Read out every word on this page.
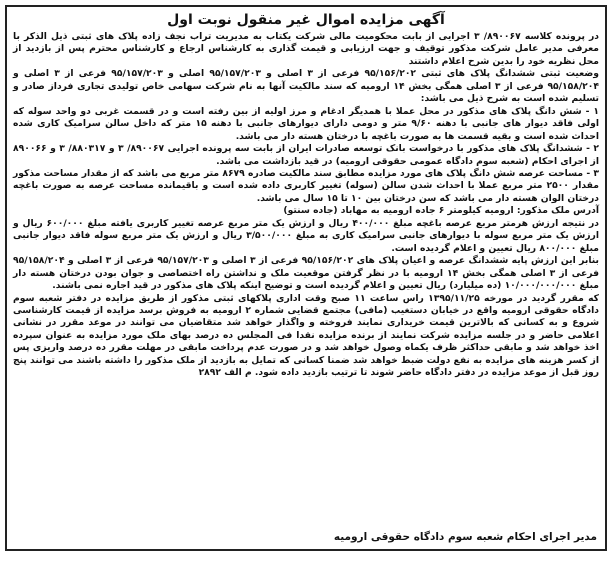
آگهی مزایده اموال غیر منقول نوبت اول

در پرونده کلاسه ۸۹۰۰۶۷/ ۳ اجرایی از بابت محکومیت مالی شرکت یکتاب به مدیریت تراب نجف زاده پلاک های ثبتی ذیل الذکر با معرفی مدیر عامل شرکت مذکور توقیف و جهت ارزیابی و قیمت گذاری به کارشناس ارجاع و کارشناس محترم پس از بازدید از محل نظریه خود را بدین شرح اعلام داشتند

وضعیت ثبتی ششدانگ پلاک های ثبتی ۹۵/۱۵۶/۲۰۲ فرعی از ۳ اصلی و ۹۵/۱۵۷/۲۰۳ اصلی و ۹۵/۱۵۷/۲۰۳ فرعی از ۳ اصلی و ۹۵/۱۵۸/۲۰۴ فرعی از ۳ اصلی همگی بخش ۱۴ ارومیه که سند مالکیت آنها به نام شرکت سهامی خاص تولیدی تجاری فرداز صادر و تسلیم شده است به شرح ذیل می باشد:

۱ - شش دانگ پلاک های مذکور در محل عملا با همدیگر ادغام و مرز اولیه از بین رفته است و در قسمت غربی دو واحد سوله که اولی فاقد دیوار های جانبی با دهنه ۹/۶۰ متر و دومی دارای دیوارهای جانبی با دهنه ۱۵ متر که داخل سالن سرامیک کاری شده احداث شده است و بقیه قسمت ها به صورت باغچه با درختان هسته دار می باشد.

۲ - ششدانگ پلاک های مذکور با درخواست بانک توسعه صادرات ایران از بابت سه پرونده اجرایی ۸۹۰۰۶۷/ ۳ و ۸۸۰۳۱۷/ ۳ و ۸۹۰۰۶۶ از اجرای احکام (شعبه سوم دادگاه عمومی حقوقی ارومیه) در قید بازداشت می باشد.

۳ - مساحت عرصه شش دانگ پلاک های مورد مزایده مطابق سند مالکیت صادره ۸۶۷۹ متر مربع می باشد که از مقدار مساحت مذکور مقدار ۲۵۰۰ متر مربع عملا با احداث شدن سالن (سوله) تغییر کاربری داده شده است و باقیمانده مساحت عرصه به صورت باغچه درختان الوان هسته دار می باشد که سن درختان بین ۱۰ تا ۱۵ سال می باشد.

آدرس ملک مذکور: ارومیه کیلومتر ۶ جاده ارومیه به مهاباد (جاده سنتو)

در نتیجه ارزش هرمتر مربع عرصه باغچه مبلغ ۴۰۰/۰۰۰ ریال و ارزش یک متر مربع عرصه تغییر کاربری یافته مبلغ ۶۰۰/۰۰۰ ریال و ارزش یک متر مربع سوله با دیوارهای جانبی سرامیک کاری به مبلغ ۳/۵۰۰/۰۰۰ ریال و ارزش یک متر مربع سوله فاقد دیوار جانبی مبلغ ۸۰۰/۰۰۰ ریال تعیین و اعلام گردیده است.

بنابر این ارزش پایه ششدانگ عرصه و اعیان پلاک های ۹۵/۱۵۶/۲۰۲ فرعی از ۳ اصلی و ۹۵/۱۵۷/۲۰۳ فرعی از ۳ اصلی و ۹۵/۱۵۸/۲۰۴ فرعی از ۳ اصلی همگی بخش ۱۴ ارومیه با در نظر گرفتن موقعیت ملک و نداشتن راه اختصاصی و جوان بودن درختان هسته دار مبلغ ۱۰/۰۰۰/۰۰۰/۰۰۰ (ده میلیارد) ریال تعیین و اعلام گردیده است و توضیح اینکه پلاک های مذکور در قید اجاره نمی باشند.

که مقرر گردید در مورخه ۱۳۹۵/۱۱/۲۵ راس ساعت ۱۱ صبح وقت اداری پلاکهای ثبتی مذکور از طریق مزایده در دفتر شعبه سوم دادگاه حقوقی ارومیه واقع در خیابان دستغیب (مافی) مجتمع قضایی شماره ۲ ارومیه به فروش برسد مزایده از قیمت کارشناسی شروع و به کسانی که بالاترین قیمت خریداری نمایند فروخته و واگذار خواهد شد متقاضیان می توانند در موعد مقرر در نشانی اعلامی حاضر و در جلسه مزایده شرکت نمایند از برنده مزایده نقدا فی المجلس ده درصد بهای ملک مورد مزایده به عنوان سپرده اخذ خواهد شد و مابقی حداکثر ظرف یکماه وصول خواهد شد و در صورت عدم پرداخت مابقی در مهلت مقرر ده درصد واریزی پس از کسر هزینه های مزایده به نفع دولت ضبط خواهد شد ضمنا کسانی که تمایل به بازدید از ملک مذکور را داشته باشند می توانند پنج روز قبل از موعد مزایده در دفتر دادگاه حاضر شوند تا ترتیب بازدید داده شود. م الف ۲۸۹۲

مدیر اجرای احکام شعبه سوم دادگاه حقوقی ارومیه
